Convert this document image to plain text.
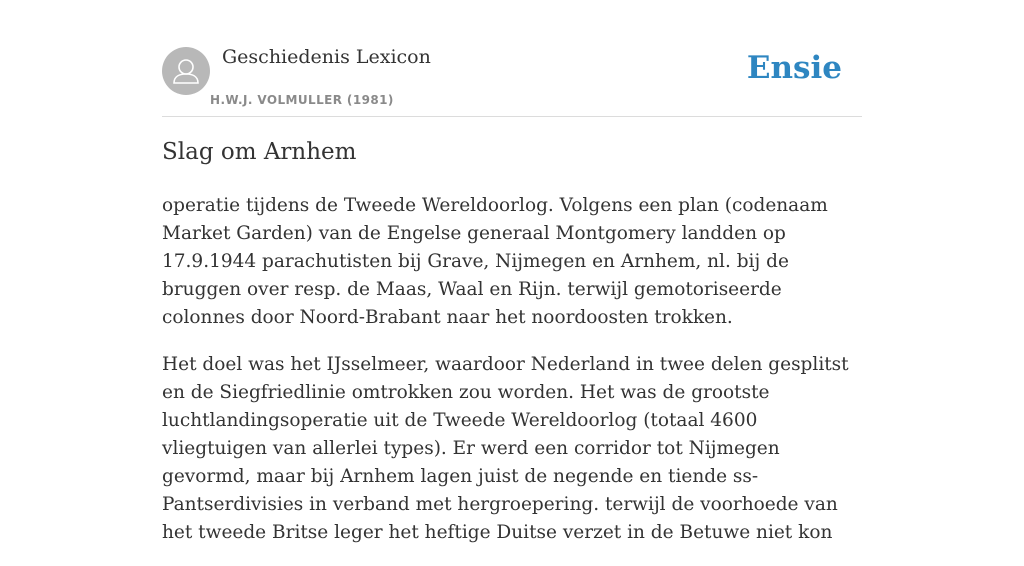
Geschiedenis Lexicon
H.W.J. VOLMULLER (1981)
Ensie
Slag om Arnhem

operatie tijdens de Tweede Wereldoorlog. Volgens een plan (codenaam Market Garden) van de Engelse generaal Montgomery landden op 17.9.1944 parachutisten bij Grave, Nijmegen en Arnhem, nl. bij de bruggen over resp. de Maas, Waal en Rijn. terwijl gemotoriseerde colonnes door Noord-Brabant naar het noordoosten trokken.

Het doel was het IJsselmeer, waardoor Nederland in twee delen gesplitst en de Siegfriedlinie omtrokken zou worden. Het was de grootste luchtlandingsoperatie uit de Tweede Wereldoorlog (totaal 4600 vliegtuigen van allerlei types). Er werd een corridor tot Nijmegen gevormd, maar bij Arnhem lagen juist de negende en tiende ss-Pantserdivisies in verband met hergroepering. terwijl de voorhoede van het tweede Britse leger het heftige Duitse verzet in de Betuwe niet kon
